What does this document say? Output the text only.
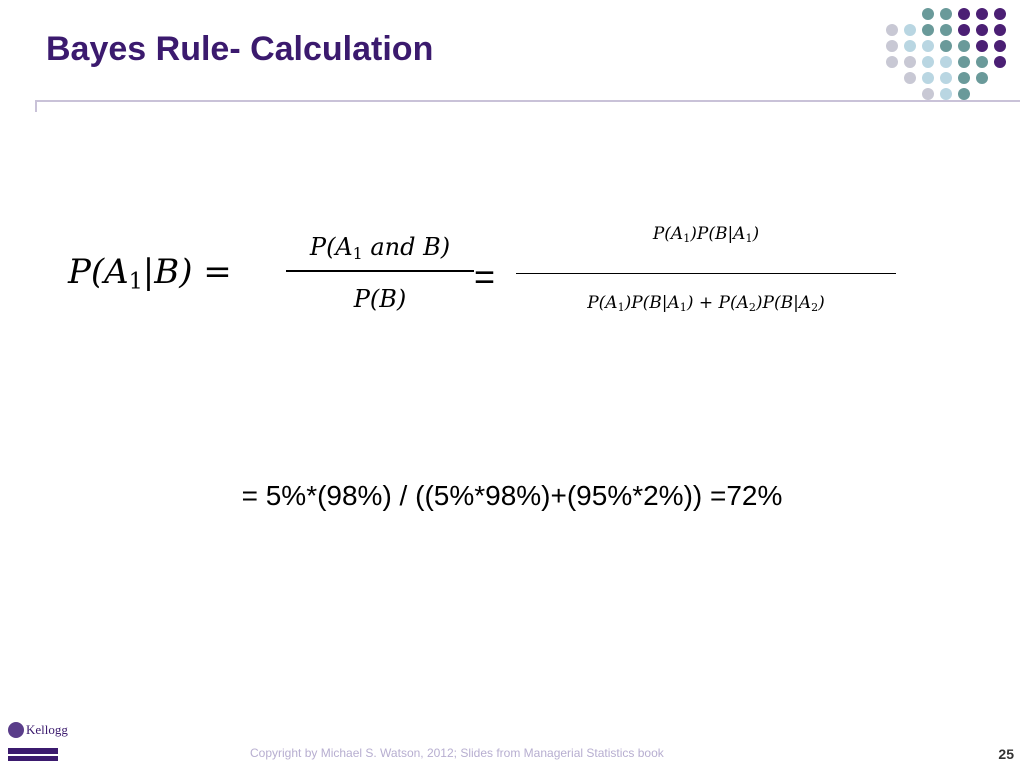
Bayes Rule- Calculation
$P(A_1|B)$ =
$P(A_1$ and B)
P(B)
=
$P(A_1)P(B|A_1)$
$P(A_1)P(B|A_1) + P(A_2)P(B|A_2)$
= 5%*(98%) / ((5%*98%)+(95%*2%)) =72%
Kellogg
Copyright by Michael S. Watson, 2012; Slides from Managerial Statistics book	25
